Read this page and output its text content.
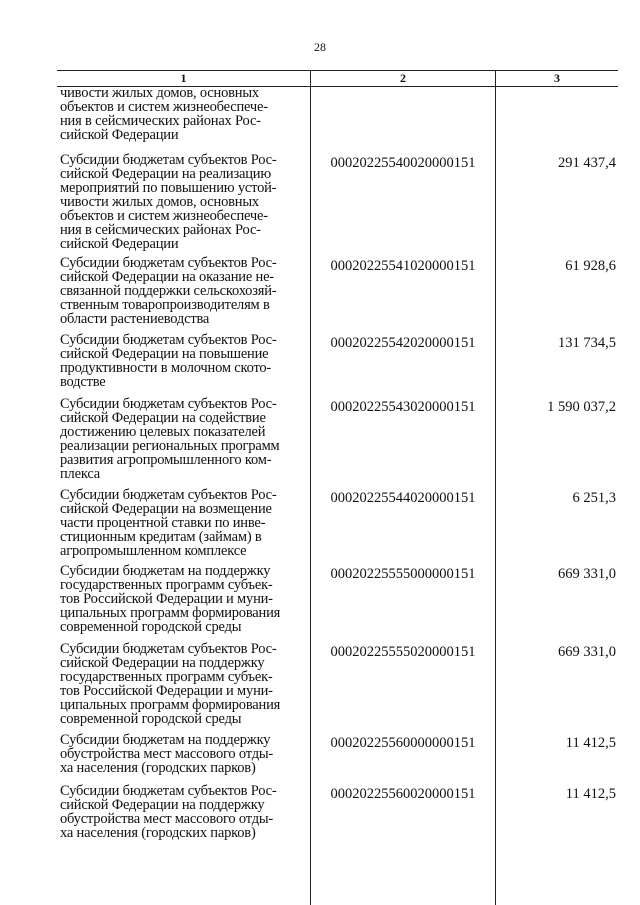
28
1	2	3
чивости жилых домов, основных
объектов и систем жизнеобеспече-
ния в сейсмических районах Рос-
сийской Федерации
Субсидии бюджетам субъектов Рос-
сийской Федерации на реализацию
мероприятий по повышению устой-
чивости жилых домов, основных
объектов и систем жизнеобеспече-
ния в сейсмических районах Рос-
сийской Федерации
00020225540020000151	291 437,4
Субсидии бюджетам субъектов Рос-
сийской Федерации на оказание не-
связанной поддержки сельскохозяй-
ственным товаропроизводителям в
области растениеводства
00020225541020000151	61 928,6
Субсидии бюджетам субъектов Рос-
сийской Федерации на повышение
продуктивности в молочном ското-
водстве
00020225542020000151	131 734,5
Субсидии бюджетам субъектов Рос-
сийской Федерации на содействие
достижению целевых показателей
реализации региональных программ
развития агропромышленного ком-
плекса
00020225543020000151	1 590 037,2
Субсидии бюджетам субъектов Рос-
сийской Федерации на возмещение
части процентной ставки по инве-
стиционным кредитам (займам) в
агропромышленном комплексе
00020225544020000151	6 251,3
Субсидии бюджетам на поддержку
государственных программ субъек-
тов Российской Федерации и муни-
ципальных программ формирования
современной городской среды
00020225555000000151	669 331,0
Субсидии бюджетам субъектов Рос-
сийской Федерации на поддержку
государственных программ субъек-
тов Российской Федерации и муни-
ципальных программ формирования
современной городской среды
00020225555020000151	669 331,0
Субсидии бюджетам на поддержку
обустройства мест массового отды-
ха населения (городских парков)
00020225560000000151	11 412,5
Субсидии бюджетам субъектов Рос-
сийской Федерации на поддержку
обустройства мест массового отды-
ха населения (городских парков)
00020225560020000151	11 412,5
